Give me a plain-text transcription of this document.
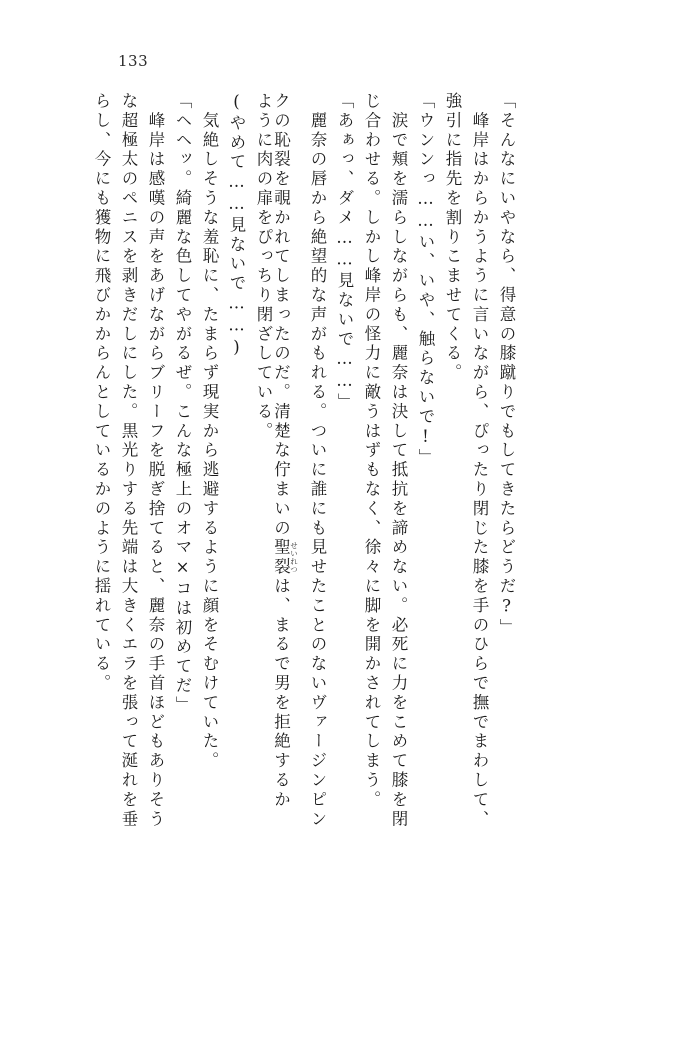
133
らし、今にも獲物に飛びかからんとしているかのように揺れている。 な超極太のペニスを剥きだしにした。黒光りする先端は大きくエラを張って涎れを垂 　峰岸は感嘆の声をあげながらブリーフを脱ぎ捨てると、麗奈の手首ほどもありそう 「ヘヘッ。綺麗な色してやがるぜ。こんな極上のオマ×コは初めてだ」 　気絶しそうな羞恥に、たまらず現実から逃避するように顔をそむけていた。 (やめて……見ないで……) ように肉の扉をぴっちり閉ざしている。
クの恥裂を覗かれてしまったのだ。清楚な佇まいの聖裂 せいれつは、まるで男を拒絶するか	　麗奈の唇から絶望的な声がもれる。ついに誰にも見せたことのないヴァージンピン 「あぁっ、ダメ……見ないで……」 じ合わせる。しかし峰岸の怪力に敵うはずもなく、徐々に脚を開かされてしまう。 　涙で頬を濡らしながらも、麗奈は決して抵抗を諦めない。必死に力をこめて膝を閉 「ウンンっ……い、いや、触らないで!」 強引に指先を割りこませてくる。 　峰岸はからかうように言いながら、ぴったり閉じた膝を手のひらで撫でまわして、 「そんなにいやなら、得意の膝蹴りでもしてきたらどうだ?」
